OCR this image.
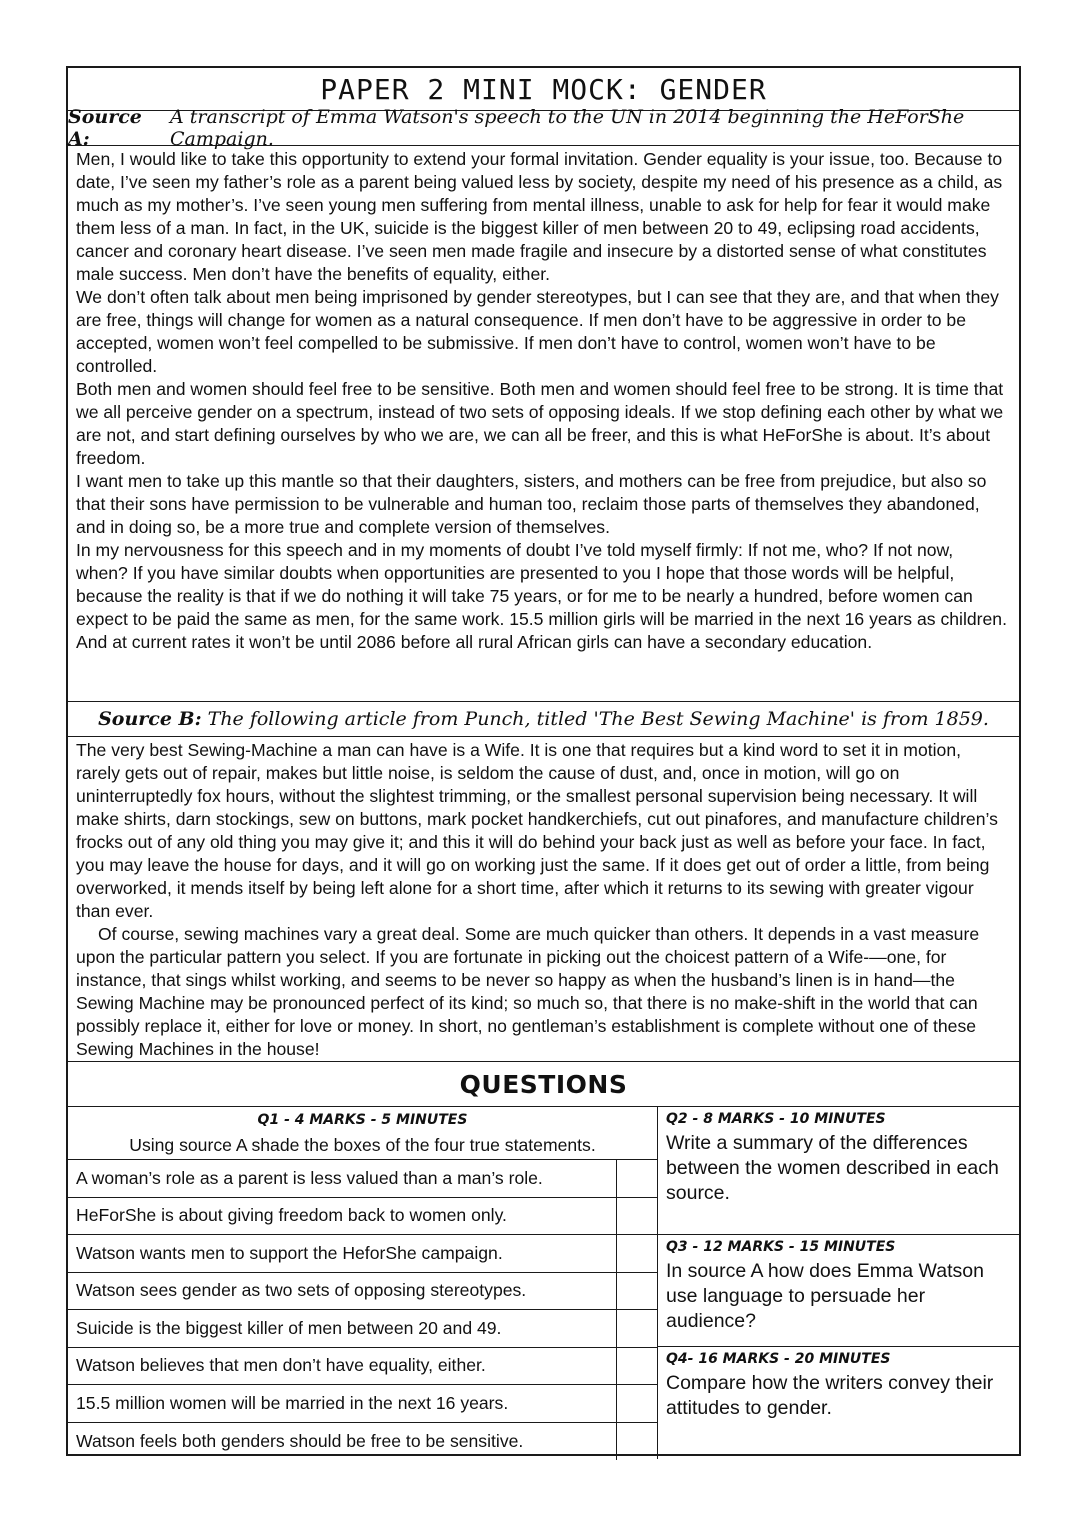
PAPER 2 MINI MOCK: GENDER
Source A:
A transcript of Emma Watson's speech to the UN in 2014 beginning the HeForShe Campaign.

Men, I would like to take this opportunity to extend your formal invitation. Gender equality is your issue, too. Because to date, I’ve seen my father’s role as a parent being valued less by society, despite my need of his presence as a child, as much as my mother’s. I’ve seen young men suffering from mental illness, unable to ask for help for fear it would make them less of a man. In fact, in the UK, suicide is the biggest killer of men between 20 to 49, eclipsing road accidents, cancer and coronary heart disease. I’ve seen men made fragile and insecure by a distorted sense of what constitutes male success. Men don’t have the benefits of equality, either.

We don’t often talk about men being imprisoned by gender stereotypes, but I can see that they are, and that when they are free, things will change for women as a natural consequence. If men don’t have to be aggressive in order to be accepted, women won’t feel compelled to be submissive. If men don’t have to control, women won’t have to be controlled.

Both men and women should feel free to be sensitive. Both men and women should feel free to be strong. It is time that we all perceive gender on a spectrum, instead of two sets of opposing ideals. If we stop defining each other by what we are not, and start defining ourselves by who we are, we can all be freer, and this is what HeForShe is about. It’s about freedom.

I want men to take up this mantle so that their daughters, sisters, and mothers can be free from prejudice, but also so that their sons have permission to be vulnerable and human too, reclaim those parts of themselves they abandoned, and in doing so, be a more true and complete version of themselves.

In my nervousness for this speech and in my moments of doubt I’ve told myself firmly: If not me, who? If not now, when? If you have similar doubts when opportunities are presented to you I hope that those words will be helpful, because the reality is that if we do nothing it will take 75 years, or for me to be nearly a hundred, before women can expect to be paid the same as men, for the same work. 15.5 million girls will be married in the next 16 years as children. And at current rates it won’t be until 2086 before all rural African girls can have a secondary education.

Source B: The following article from Punch, titled 'The Best Sewing Machine' is from 1859.

The very best Sewing-Machine a man can have is a Wife. It is one that requires but a kind word to set it in motion, rarely gets out of repair, makes but little noise, is seldom the cause of dust, and, once in motion, will go on uninterruptedly fox hours, without the slightest trimming, or the smallest personal supervision being necessary. It will make shirts, darn stockings, sew on buttons, mark pocket handkerchiefs, cut out pinafores, and manufacture children’s frocks out of any old thing you may give it; and this it will do behind your back just as well as before your face. In fact, you may leave the house for days, and it will go on working just the same. If it does get out of order a little, from being overworked, it mends itself by being left alone for a short time, after which it returns to its sewing with greater vigour than ever.

Of course, sewing machines vary a great deal. Some are much quicker than others. It depends in a vast measure upon the particular pattern you select. If you are fortunate in picking out the choicest pattern of a Wife-—one, for instance, that sings whilst working, and seems to be never so happy as when the husband’s linen is in hand—the Sewing Machine may be pronounced perfect of its kind; so much so, that there is no make-shift in the world that can possibly replace it, either for love or money. In short, no gentleman’s establishment is complete without one of these Sewing Machines in the house!

QUESTIONS
Q1 - 4 MARKS - 5 MINUTES
Using source A shade the boxes of the four true statements.
A woman’s role as a parent is less valued than a man’s role.
HeForShe is about giving freedom back to women only.
Watson wants men to support the HeforShe campaign.
Watson sees gender as two sets of opposing stereotypes.
Suicide is the biggest killer of men between 20 and 49.
Watson believes that men don’t have equality, either.
15.5 million women will be married in the next 16 years.
Watson feels both genders should be free to be sensitive.
Q2 - 8 MARKS - 10 MINUTES
Write a summary of the differences between the women described in each source.
Q3 - 12 MARKS - 15 MINUTES
In source A how does Emma Watson use language to persuade her audience?
Q4- 16 MARKS - 20 MINUTES
Compare how the writers convey their attitudes to gender.
